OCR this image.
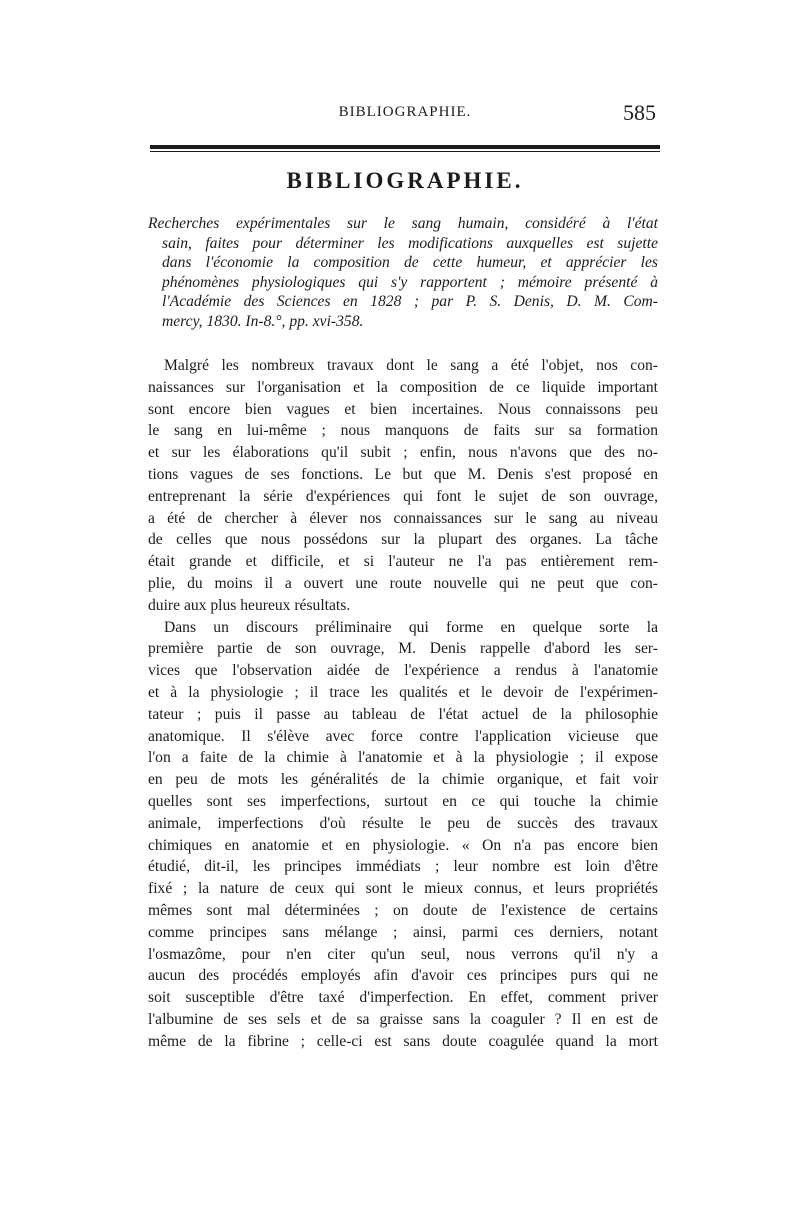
BIBLIOGRAPHIE.	585
BIBLIOGRAPHIE.

Recherches expérimentales sur le sang humain, considéré à l'état
sain, faites pour déterminer les modifications auxquelles est sujette
dans l'économie la composition de cette humeur, et apprécier les
phénomènes physiologiques qui s'y rapportent ; mémoire présenté à
l'Académie des Sciences en 1828 ; par P. S. Denis, D. M. Com-
mercy, 1830. In-8.°, pp. xvi-358.

Malgré les nombreux travaux dont le sang a été l'objet, nos con-
naissances sur l'organisation et la composition de ce liquide important
sont encore bien vagues et bien incertaines. Nous connaissons peu
le sang en lui-même ; nous manquons de faits sur sa formation
et sur les élaborations qu'il subit ; enfin, nous n'avons que des no-
tions vagues de ses fonctions. Le but que M. Denis s'est proposé en
entreprenant la série d'expériences qui font le sujet de son ouvrage,
a été de chercher à élever nos connaissances sur le sang au niveau
de celles que nous possédons sur la plupart des organes. La tâche
était grande et difficile, et si l'auteur ne l'a pas entièrement rem-
plie, du moins il a ouvert une route nouvelle qui ne peut que con-
duire aux plus heureux résultats.
Dans un discours préliminaire qui forme en quelque sorte la
première partie de son ouvrage, M. Denis rappelle d'abord les ser-
vices que l'observation aidée de l'expérience a rendus à l'anatomie
et à la physiologie ; il trace les qualités et le devoir de l'expérimen-
tateur ; puis il passe au tableau de l'état actuel de la philosophie
anatomique. Il s'élève avec force contre l'application vicieuse que
l'on a faite de la chimie à l'anatomie et à la physiologie ; il expose
en peu de mots les généralités de la chimie organique, et fait voir
quelles sont ses imperfections, surtout en ce qui touche la chimie
animale, imperfections d'où résulte le peu de succès des travaux
chimiques en anatomie et en physiologie. « On n'a pas encore bien
étudié, dit-il, les principes immédiats ; leur nombre est loin d'être
fixé ; la nature de ceux qui sont le mieux connus, et leurs propriétés
mêmes sont mal déterminées ; on doute de l'existence de certains
comme principes sans mélange ; ainsi, parmi ces derniers, notant
l'osmazôme, pour n'en citer qu'un seul, nous verrons qu'il n'y a
aucun des procédés employés afin d'avoir ces principes purs qui ne
soit susceptible d'être taxé d'imperfection. En effet, comment priver
l'albumine de ses sels et de sa graisse sans la coaguler ? Il en est de
même de la fibrine ; celle-ci est sans doute coagulée quand la mort
